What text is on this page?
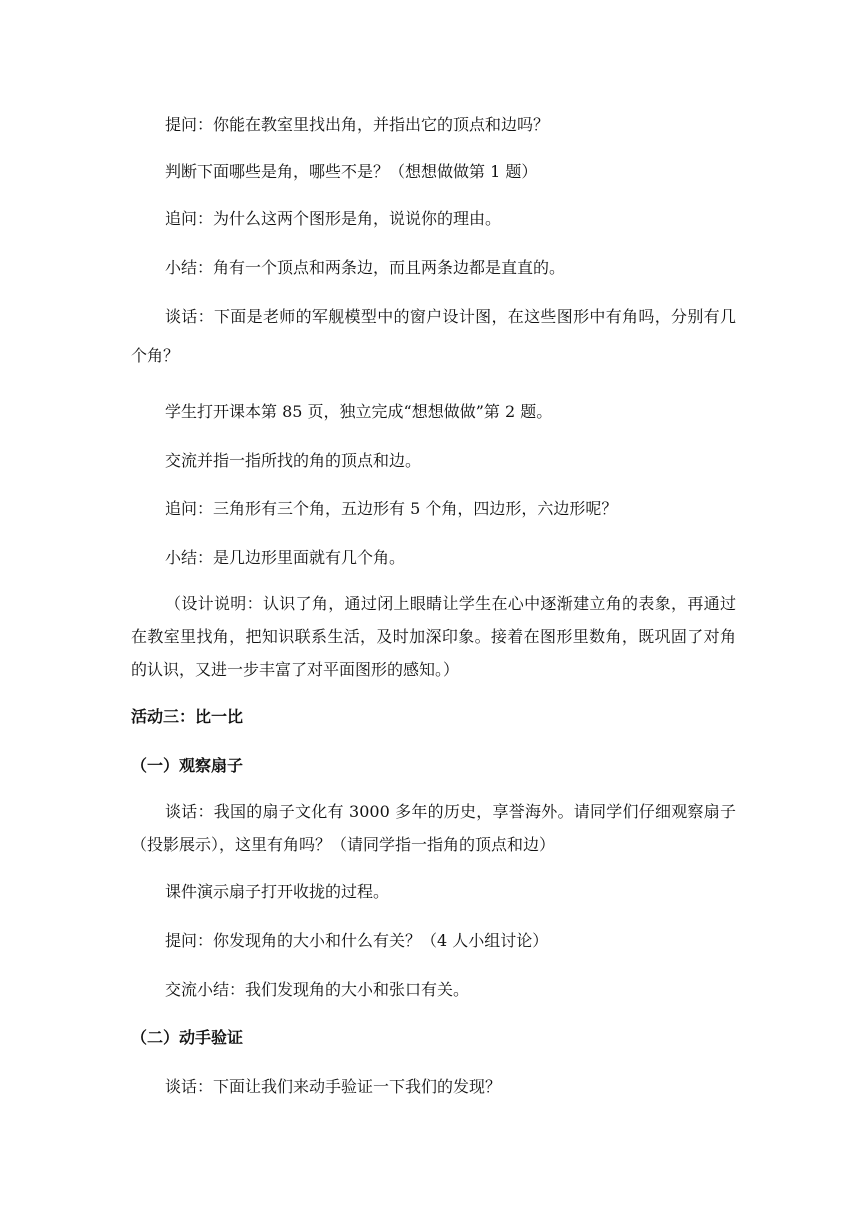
提问：你能在教室里找出角，并指出它的顶点和边吗？
判断下面哪些是角，哪些不是？（想想做做第 1 题）
追问：为什么这两个图形是角，说说你的理由。
小结：角有一个顶点和两条边，而且两条边都是直直的。
谈话：下面是老师的军舰模型中的窗户设计图，在这些图形中有角吗，分别有几个角？
学生打开课本第 85 页，独立完成“想想做做”第 2 题。
交流并指一指所找的角的顶点和边。
追问：三角形有三个角，五边形有 5 个角，四边形，六边形呢？
小结：是几边形里面就有几个角。
（设计说明：认识了角，通过闭上眼睛让学生在心中逐渐建立角的表象，再通过在教室里找角，把知识联系生活，及时加深印象。接着在图形里数角，既巩固了对角的认识，又进一步丰富了对平面图形的感知。）
活动三：比一比
（一）观察扇子
谈话：我国的扇子文化有 3000 多年的历史，享誉海外。请同学们仔细观察扇子（投影展示），这里有角吗？（请同学指一指角的顶点和边）
课件演示扇子打开收拢的过程。
提问：你发现角的大小和什么有关？（4 人小组讨论）
交流小结：我们发现角的大小和张口有关。
（二）动手验证
谈话：下面让我们来动手验证一下我们的发现？
